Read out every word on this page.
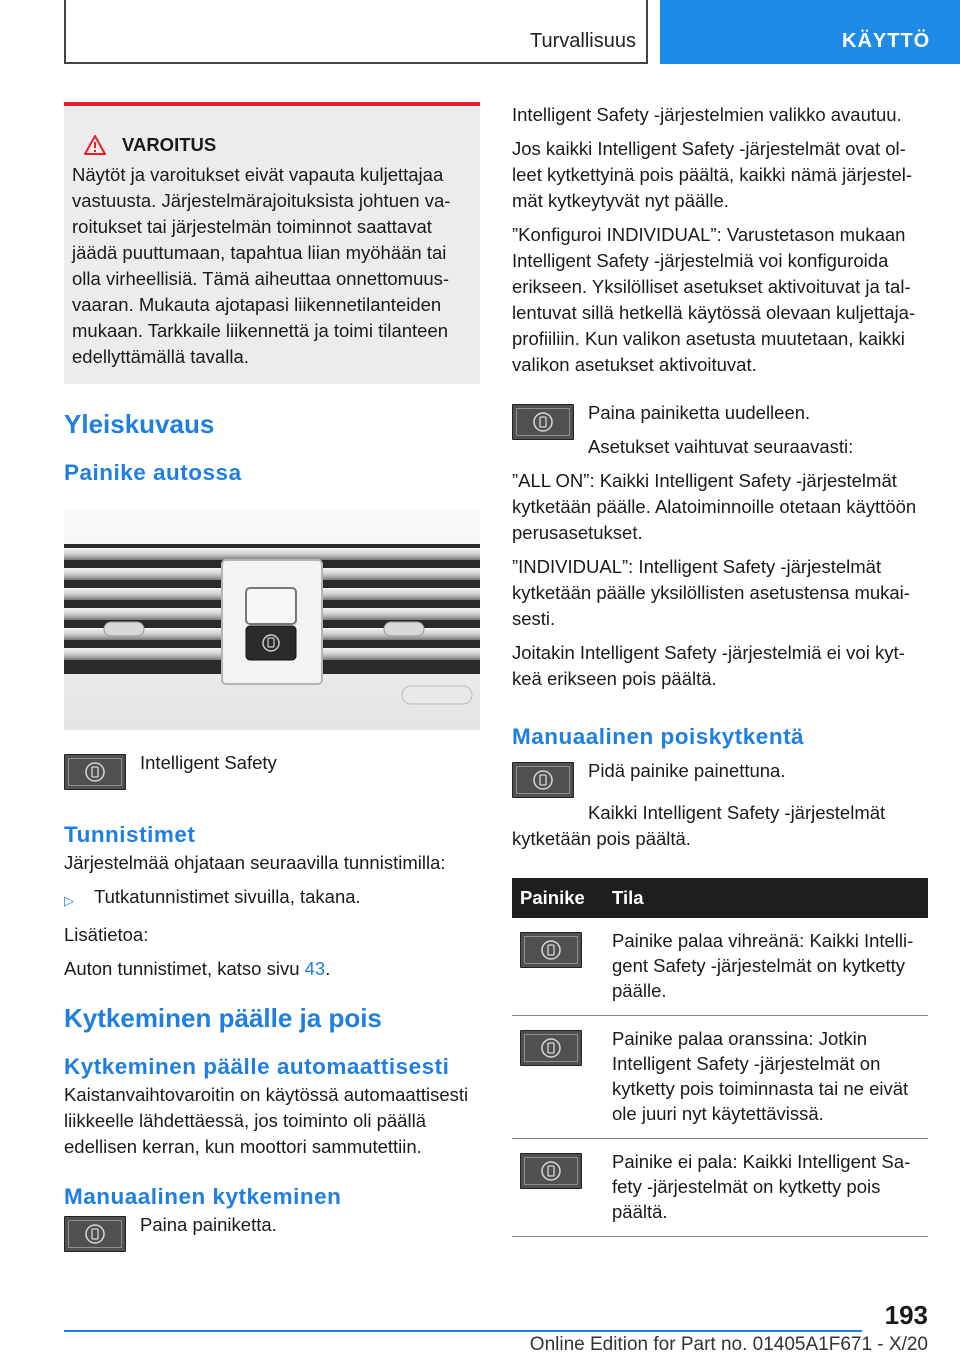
Turvallisuus	KÄYTTÖ
VAROITUS

Näytöt ja varoitukset eivät vapauta kuljettajaa vastuusta. Järjestelmärajoituksista johtuen varoitukset tai järjestelmän toiminnot saattavat jäädä puuttumaan, tapahtua liian myöhään tai olla virheellisiä. Tämä aiheuttaa onnettomuusvaaran. Mukauta ajotapasi liikennetilanteiden mukaan. Tarkkaile liikennettä ja toimi tilanteen edellyttämällä tavalla.

Yleiskuvaus
Painike autossa
Intelligent Safety
Tunnistimet

Järjestelmää ohjataan seuraavilla tunnistimilla:

▷	Tutkatunnistimet sivuilla, takana.

Lisätietoa:

Auton tunnistimet, katso sivu 43.

Kytkeminen päälle ja pois
Kytkeminen päälle automaattisesti

Kaistanvaihtovaroitin on käytössä automaattisesti liikkeelle lähdettäessä, jos toiminto oli päällä edellisen kerran, kun moottori sammutettiin.

Manuaalinen kytkeminen
Paina painiketta.

Intelligent Safety -järjestelmien valikko avautuu.

Jos kaikki Intelligent Safety -järjestelmät ovat olleet kytkettyinä pois päältä, kaikki nämä järjestelmät kytkeytyvät nyt päälle.

”Konfiguroi INDIVIDUAL”: Varustetason mukaan Intelligent Safety -järjestelmiä voi konfiguroida erikseen. Yksilölliset asetukset aktivoituvat ja tallentuvat sillä hetkellä käytössä olevaan kuljettajaprofiiliin. Kun valikon asetusta muutetaan, kaikki valikon asetukset aktivoituvat.

Paina painiketta uudelleen.
Asetukset vaihtuvat seuraavasti:

”ALL ON”: Kaikki Intelligent Safety -järjestelmät kytketään päälle. Alatoiminnoille otetaan käyttöön perusasetukset.

”INDIVIDUAL”: Intelligent Safety -järjestelmät kytketään päälle yksilöllisten asetustensa mukaisesti.

Joitakin Intelligent Safety -järjestelmiä ei voi kytkeä erikseen pois päältä.

Manuaalinen poiskytkentä
Pidä painike painettuna.

Kaikki Intelligent Safety -järjestelmät kytketään pois päältä.

Painike	Tila

	Painike palaa vihreänä: Kaikki Intelligent Safety -järjestelmät on kytketty päälle.

	Painike palaa oranssina: Jotkin Intelligent Safety -järjestelmät on kytketty pois toiminnasta tai ne eivät ole juuri nyt käytettävissä.

	Painike ei pala: Kaikki Intelligent Safety -järjestelmät on kytketty pois päältä.
193
Online Edition for Part no. 01405A1F671 - X/20
